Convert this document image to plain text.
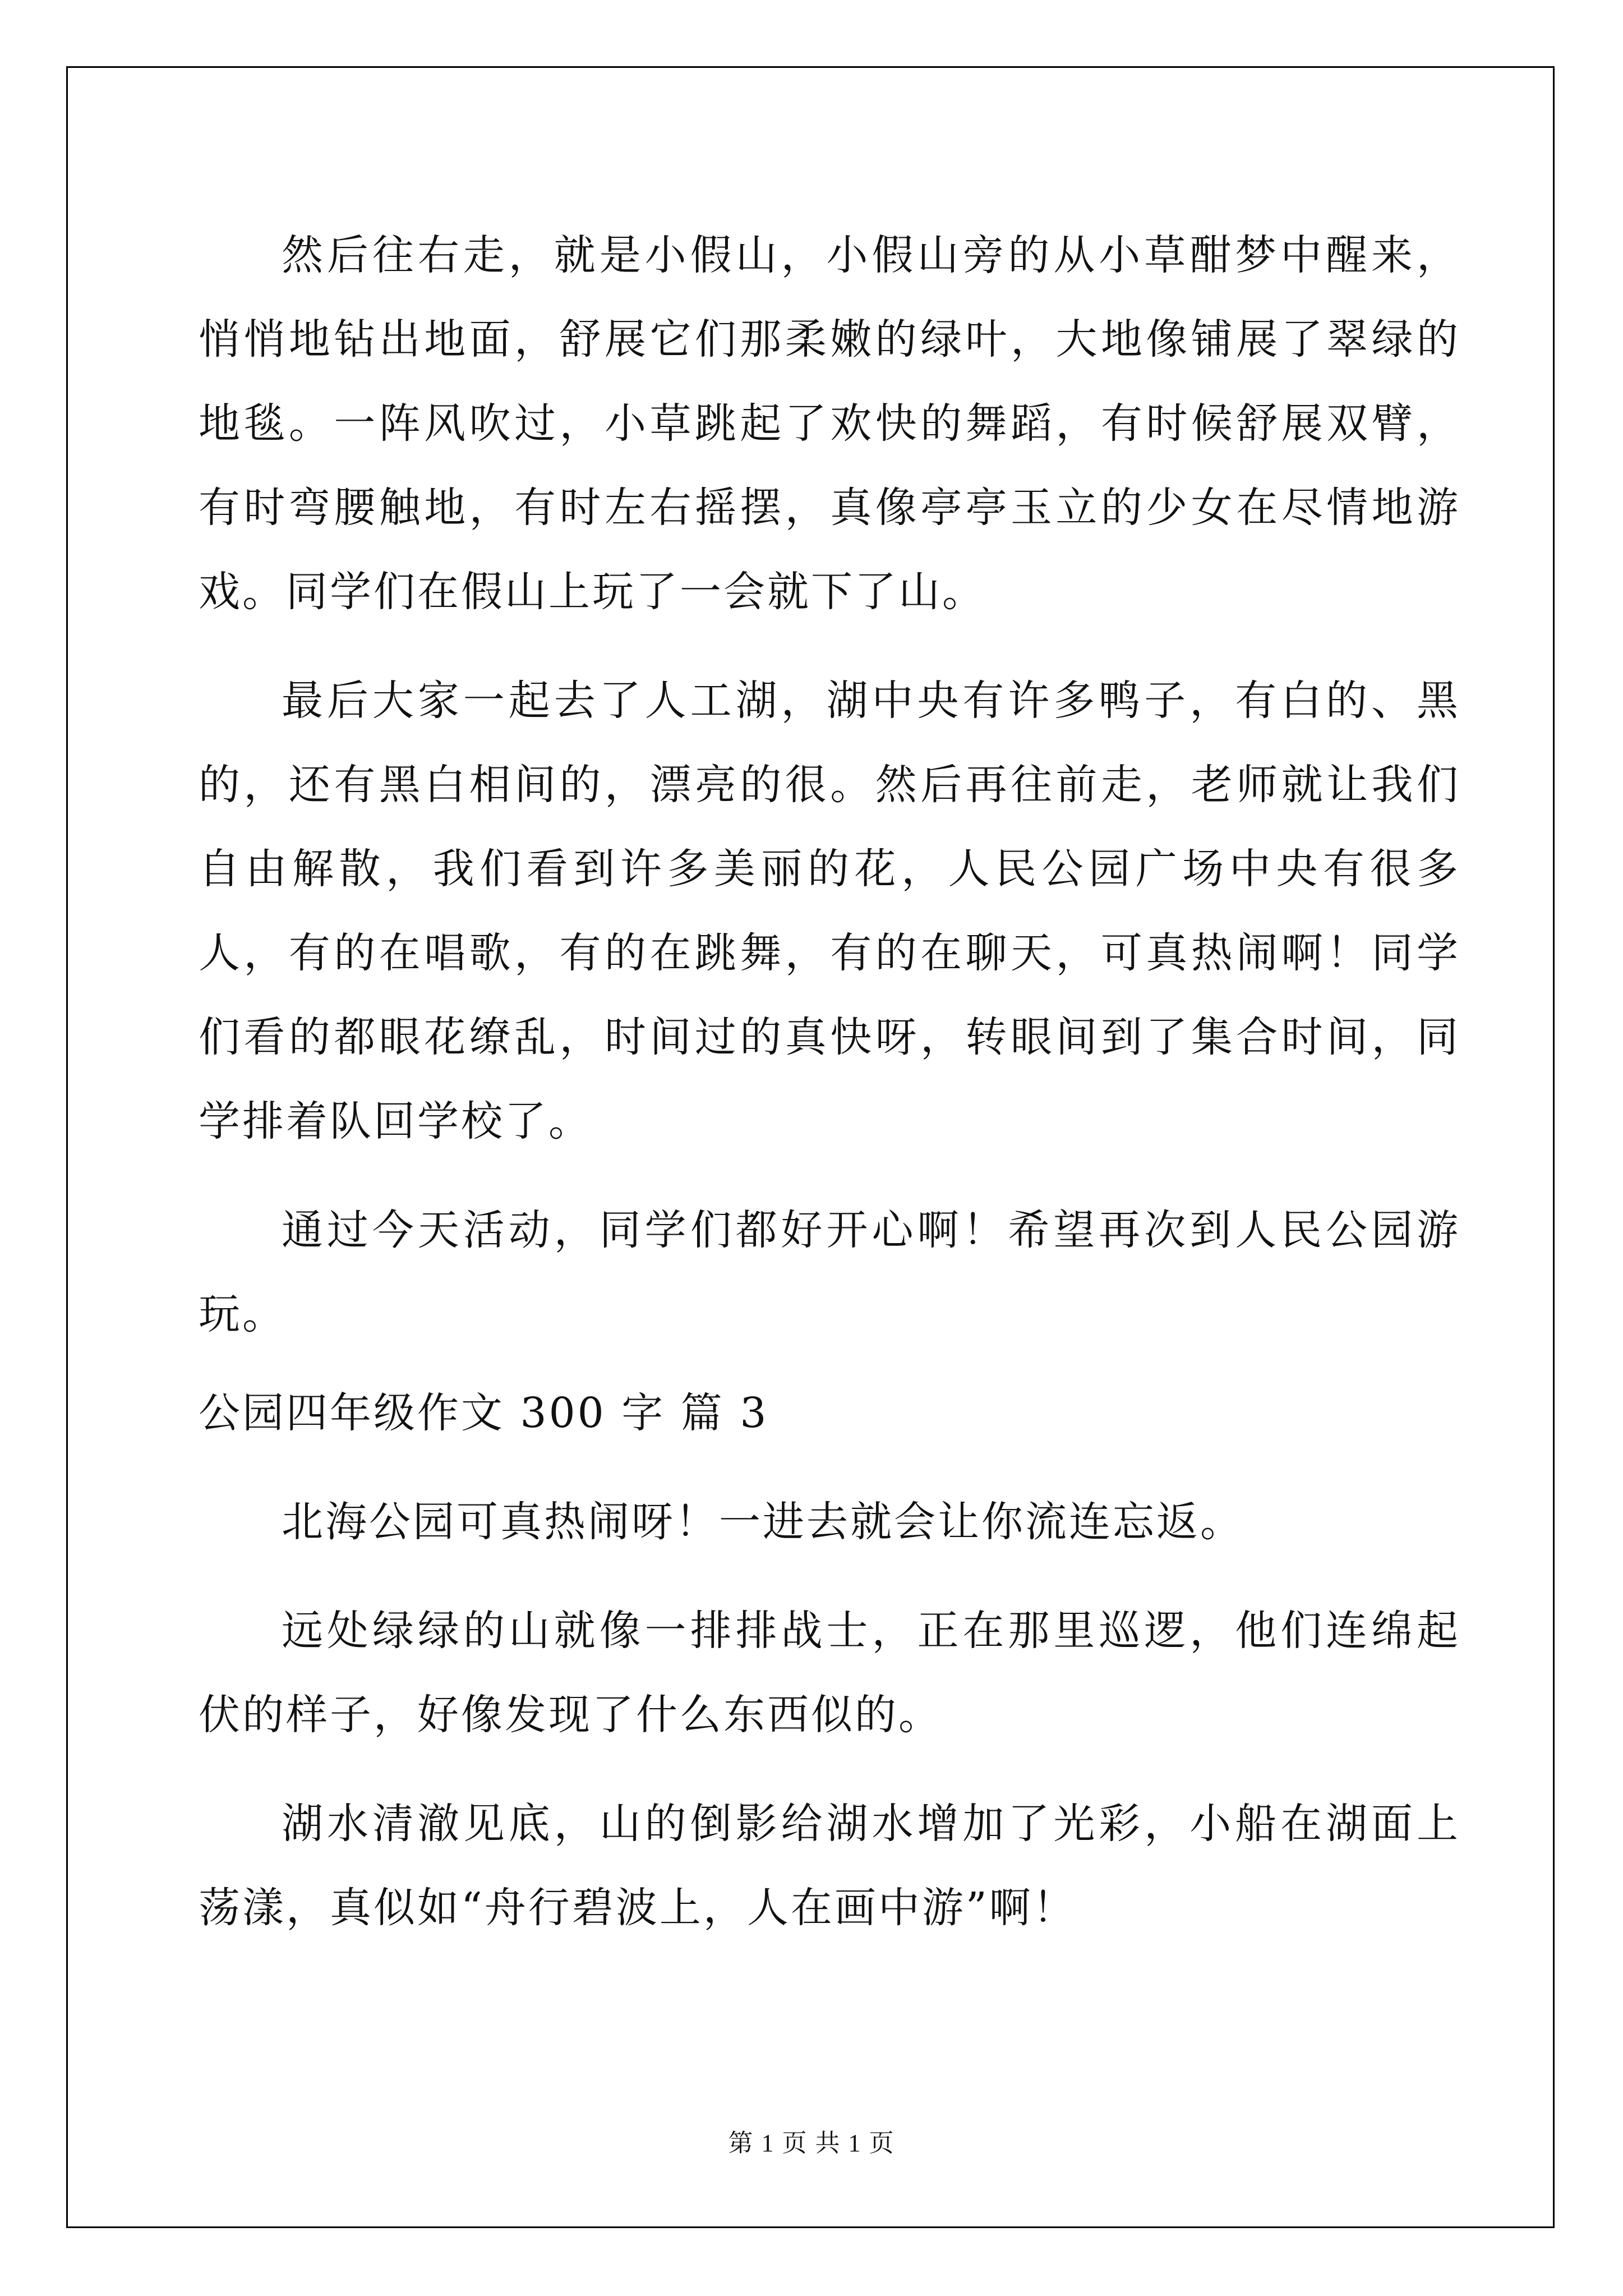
然后往右走，就是小假山，小假山旁的从小草酣梦中醒来，悄悄地钻出地面，舒展它们那柔嫩的绿叶，大地像铺展了翠绿的地毯。一阵风吹过，小草跳起了欢快的舞蹈，有时候舒展双臂，有时弯腰触地，有时左右摇摆，真像亭亭玉立的少女在尽情地游戏。同学们在假山上玩了一会就下了山。

最后大家一起去了人工湖，湖中央有许多鸭子，有白的、黑的，还有黑白相间的，漂亮的很。然后再往前走，老师就让我们自由解散，我们看到许多美丽的花，人民公园广场中央有很多人，有的在唱歌，有的在跳舞，有的在聊天，可真热闹啊！同学们看的都眼花缭乱，时间过的真快呀，转眼间到了集合时间，同学排着队回学校了。

通过今天活动，同学们都好开心啊！希望再次到人民公园游玩。

公园四年级作文 300 字 篇 3

北海公园可真热闹呀！一进去就会让你流连忘返。

远处绿绿的山就像一排排战士，正在那里巡逻，他们连绵起伏的样子，好像发现了什么东西似的。

湖水清澈见底，山的倒影给湖水增加了光彩，小船在湖面上荡漾，真似如“舟行碧波上，人在画中游”啊！

第 1 页 共 1 页
